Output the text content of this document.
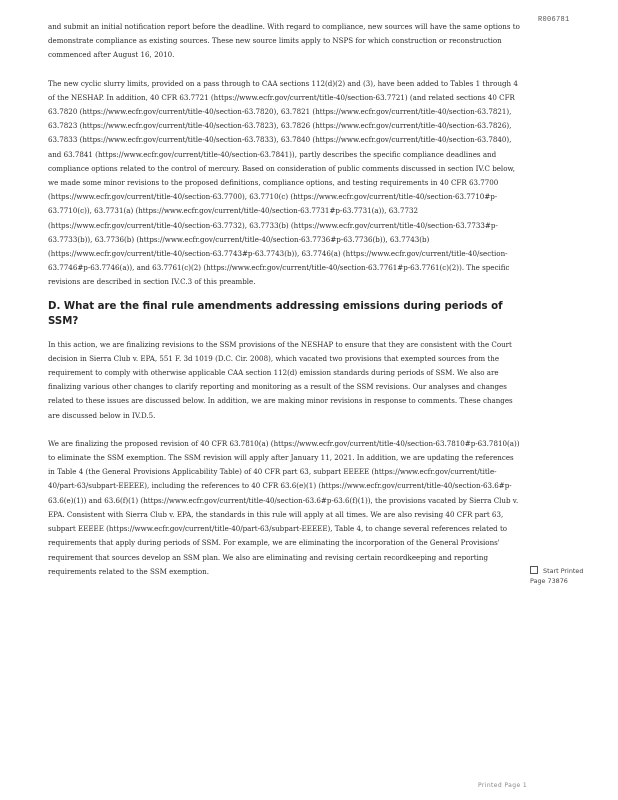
R006781

and submit an initial notification report before the deadline. With regard to compliance, new sources will have the same options to demonstrate compliance as existing sources. These new source limits apply to NSPS for which construction or reconstruction commenced after August 16, 2010.

The new cyclic slurry limits, provided on a pass through to CAA sections 112(d)(2) and (3), have been added to Tables 1 through 4 of the NESHAP. In addition, 40 CFR 63.7721 (https://www.ecfr.gov/current/title-40/section-63.7721) (and related sections 40 CFR 63.7820 (https://www.ecfr.gov/current/title-40/section-63.7820), 63.7821 (https://www.ecfr.gov/current/title-40/section-63.7821), 63.7823 (https://www.ecfr.gov/current/title-40/section-63.7823), 63.7826 (https://www.ecfr.gov/current/title-40/section-63.7826), 63.7833 (https://www.ecfr.gov/current/title-40/section-63.7833), 63.7840 (https://www.ecfr.gov/current/title-40/section-63.7840), and 63.7841 (https://www.ecfr.gov/current/title-40/section-63.7841)), partly describes the specific compliance deadlines and compliance options related to the control of mercury. Based on consideration of public comments discussed in section IV.C below, we made some minor revisions to the proposed definitions, compliance options, and testing requirements in 40 CFR 63.7700 (https://www.ecfr.gov/current/title-40/section-63.7700), 63.7710(c) (https://www.ecfr.gov/current/title-40/section-63.7710#p-63.7710(c)), 63.7731(a) (https://www.ecfr.gov/current/title-40/section-63.7731#p-63.7731(a)), 63.7732 (https://www.ecfr.gov/current/title-40/section-63.7732), 63.7733(b) (https://www.ecfr.gov/current/title-40/section-63.7733#p-63.7733(b)), 63.7736(b) (https://www.ecfr.gov/current/title-40/section-63.7736#p-63.7736(b)), 63.7743(b) (https://www.ecfr.gov/current/title-40/section-63.7743#p-63.7743(b)), 63.7746(a) (https://www.ecfr.gov/current/title-40/section-63.7746#p-63.7746(a)), and 63.7761(c)(2) (https://www.ecfr.gov/current/title-40/section-63.7761#p-63.7761(c)(2)). The specific revisions are described in section IV.C.3 of this preamble.

D. What are the final rule amendments addressing emissions during periods of SSM?

In this action, we are finalizing revisions to the SSM provisions of the NESHAP to ensure that they are consistent with the Court decision in Sierra Club v. EPA, 551 F. 3d 1019 (D.C. Cir. 2008), which vacated two provisions that exempted sources from the requirement to comply with otherwise applicable CAA section 112(d) emission standards during periods of SSM. We also are finalizing various other changes to clarify reporting and monitoring as a result of the SSM revisions. Our analyses and changes related to these issues are discussed below. In addition, we are making minor revisions in response to comments. These changes are discussed below in IV.D.5.

We are finalizing the proposed revision of 40 CFR 63.7810(a) (https://www.ecfr.gov/current/title-40/section-63.7810#p-63.7810(a)) to eliminate the SSM exemption. The SSM revision will apply after January 11, 2021. In addition, we are updating the references in Table 4 (the General Provisions Applicability Table) of 40 CFR part 63, subpart EEEEE (https://www.ecfr.gov/current/title-40/part-63/subpart-EEEEE), including the references to 40 CFR 63.6(e)(1) (https://www.ecfr.gov/current/title-40/section-63.6#p-63.6(e)(1)) and 63.6(f)(1) (https://www.ecfr.gov/current/title-40/section-63.6#p-63.6(f)(1)), the provisions vacated by Sierra Club v. EPA. Consistent with Sierra Club v. EPA, the standards in this rule will apply at all times. We are also revising 40 CFR part 63, subpart EEEEE (https://www.ecfr.gov/current/title-40/part-63/subpart-EEEEE), Table 4, to change several references related to requirements that apply during periods of SSM. For example, we are eliminating the incorporation of the General Provisions' requirement that sources develop an SSM plan. We also are eliminating and revising certain recordkeeping and reporting requirements related to the SSM exemption.	Start Printed Page 73876
Printed Page 1
